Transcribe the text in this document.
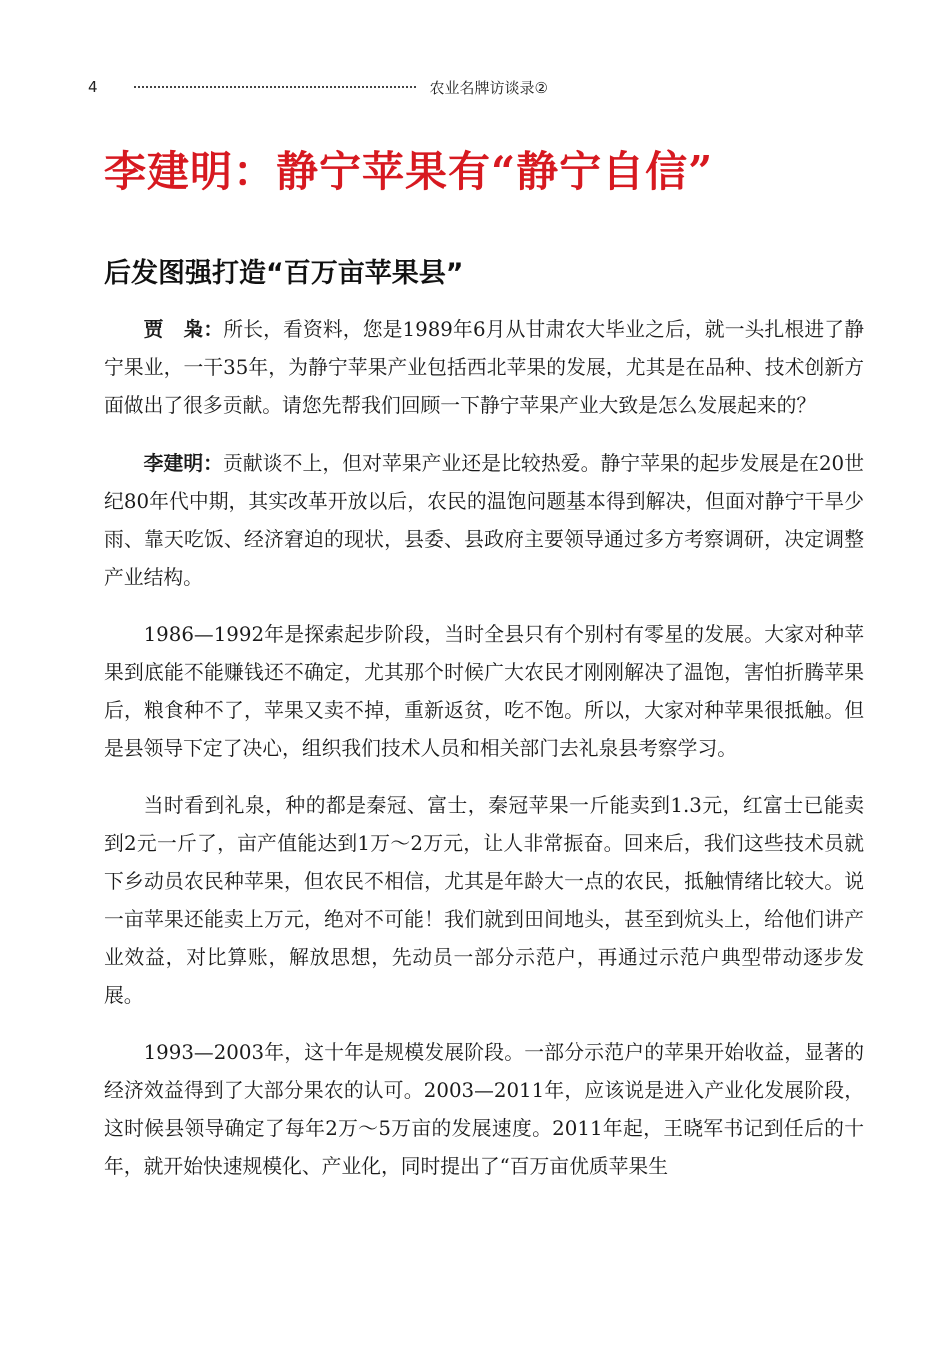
4	农业名牌访谈录②
李建明：静宁苹果有“静宁自信”
后发图强打造“百万亩苹果县”

贾　枭：所长，看资料，您是1989年6月从甘肃农大毕业之后，就一头扎根进了静宁果业，一干35年，为静宁苹果产业包括西北苹果的发展，尤其是在品种、技术创新方面做出了很多贡献。请您先帮我们回顾一下静宁苹果产业大致是怎么发展起来的？

李建明：贡献谈不上，但对苹果产业还是比较热爱。静宁苹果的起步发展是在20世纪80年代中期，其实改革开放以后，农民的温饱问题基本得到解决，但面对静宁干旱少雨、靠天吃饭、经济窘迫的现状，县委、县政府主要领导通过多方考察调研，决定调整产业结构。

1986—1992年是探索起步阶段，当时全县只有个别村有零星的发展。大家对种苹果到底能不能赚钱还不确定，尤其那个时候广大农民才刚刚解决了温饱，害怕折腾苹果后，粮食种不了，苹果又卖不掉，重新返贫，吃不饱。所以，大家对种苹果很抵触。但是县领导下定了决心，组织我们技术人员和相关部门去礼泉县考察学习。

当时看到礼泉，种的都是秦冠、富士，秦冠苹果一斤能卖到1.3元，红富士已能卖到2元一斤了，亩产值能达到1万～2万元，让人非常振奋。回来后，我们这些技术员就下乡动员农民种苹果，但农民不相信，尤其是年龄大一点的农民，抵触情绪比较大。说一亩苹果还能卖上万元，绝对不可能！我们就到田间地头，甚至到炕头上，给他们讲产业效益，对比算账，解放思想，先动员一部分示范户，再通过示范户典型带动逐步发展。

1993—2003年，这十年是规模发展阶段。一部分示范户的苹果开始收益，显著的经济效益得到了大部分果农的认可。2003—2011年，应该说是进入产业化发展阶段，这时候县领导确定了每年2万～5万亩的发展速度。2011年起，王晓军书记到任后的十年，就开始快速规模化、产业化，同时提出了“百万亩优质苹果生
